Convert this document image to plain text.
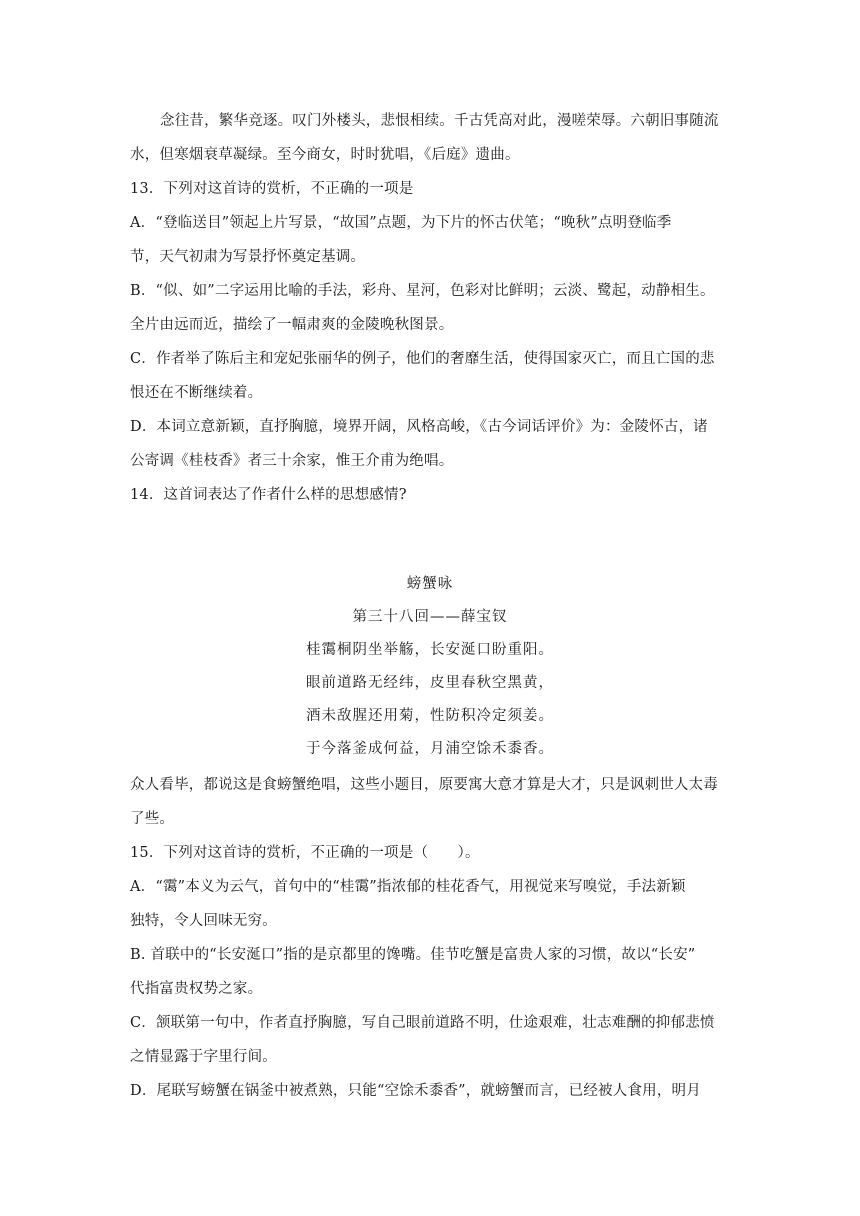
念往昔，繁华竞逐。叹门外楼头，悲恨相续。千古凭高对此，漫嗟荣辱。六朝旧事随流
水，但寒烟衰草凝绿。至今商女，时时犹唱，《后庭》遗曲。
13．下列对这首诗的赏析，不正确的一项是
A．“登临送目”领起上片写景，“故国”点题，为下片的怀古伏笔；“晚秋”点明登临季
节，天气初肃为写景抒怀奠定基调。
B．“似、如”二字运用比喻的手法，彩舟、星河，色彩对比鲜明；云淡、鹭起，动静相生。
全片由远而近，描绘了一幅肃爽的金陵晚秋图景。
C．作者举了陈后主和宠妃张丽华的例子，他们的奢靡生活，使得国家灭亡，而且亡国的悲
恨还在不断继续着。
D．本词立意新颖，直抒胸臆，境界开阔，风格高峻，《古今词话评价》为：金陵怀古，诸
公寄调《桂枝香》者三十余家，惟王介甫为绝唱。
14．这首词表达了作者什么样的思想感情?
螃蟹咏
第三十八回——薛宝钗
桂霭桐阴坐举觞，长安涎口盼重阳。
眼前道路无经纬，皮里春秋空黑黄，
酒未敌腥还用菊，性防积冷定须姜。
于今落釜成何益，月浦空馀禾黍香。
众人看毕，都说这是食螃蟹绝唱，这些小题目，原要寓大意才算是大才，只是讽刺世人太毒
了些。
15．下列对这首诗的赏析，不正确的一项是（　　）。
A．“霭”本义为云气，首句中的“桂霭”指浓郁的桂花香气，用视觉来写嗅觉，手法新颖
独特，令人回味无穷。
B. 首联中的“长安涎口”指的是京都里的馋嘴。佳节吃蟹是富贵人家的习惯，故以“长安”
代指富贵权势之家。
C．颔联第一句中，作者直抒胸臆，写自己眼前道路不明，仕途艰难，壮志难酬的抑郁悲愤
之情显露于字里行间。
D．尾联写螃蟹在锅釜中被煮熟，只能“空馀禾黍香”，就螃蟹而言，已经被人食用，明月
